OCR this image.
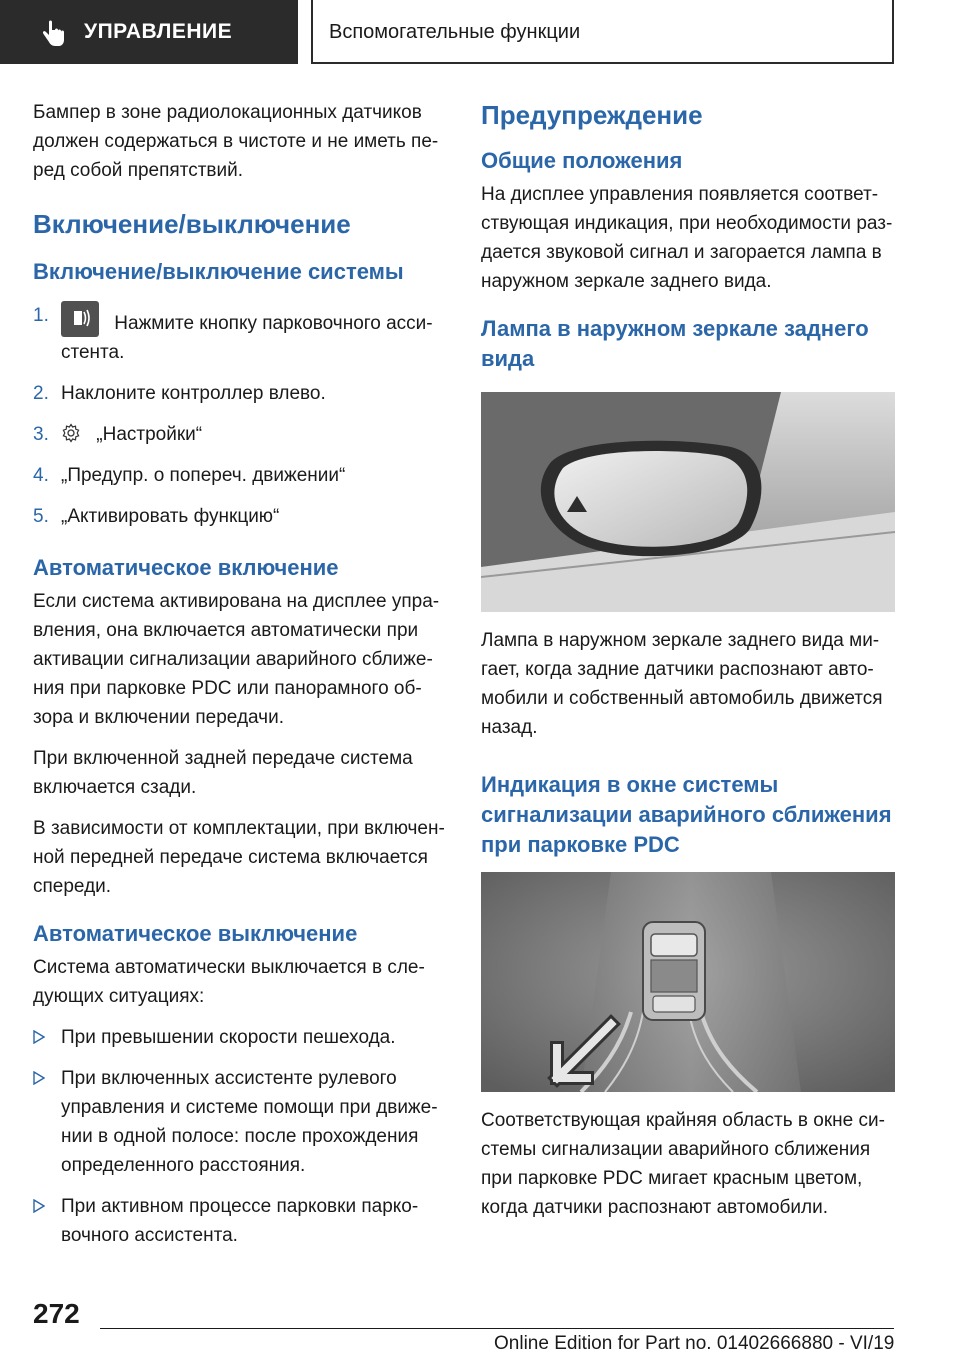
УПРАВЛЕНИЕ	Вспомогательные функции

Бампер в зоне радиолокационных датчиков должен содержаться в чистоте и не иметь пе-ред собой препятствий.

Включение/выключение
Включение/выключение системы
1.	Нажмите кнопку парковочного асси-стента.
2. Наклоните контроллер влево.
3. „Настройки“
4. „Предупр. о попереч. движении“
5. „Активировать функцию“
Автоматическое включение

Если система активирована на дисплее упра-вления, она включается автоматически при активации сигнализации аварийного сближе-ния при парковке PDC или панорамного об-зора и включении передачи.

При включенной задней передаче система включается сзади.

В зависимости от комплектации, при включен-ной передней передаче система включается спереди.

Автоматическое выключение

Система автоматически выключается в сле-дующих ситуациях:

При превышении скорости пешехода.
При включенных ассистенте рулевого управления и системе помощи при движе-нии в одной полосе: после прохождения определенного расстояния.
При активном процессе парковки парко-вочного ассистента.
Предупреждение
Общие положения

На дисплее управления появляется соответ-ствующая индикация, при необходимости раз-дается звуковой сигнал и загорается лампа в наружном зеркале заднего вида.

Лампа в наружном зеркале заднего вида

Лампа в наружном зеркале заднего вида ми-гает, когда задние датчики распознают авто-мобили и собственный автомобиль движется назад.

Индикация в окне системы сигнализации аварийного сближения при парковке PDC

Соответствующая крайняя область в окне си-стемы сигнализации аварийного сближения при парковке PDC мигает красным цветом, когда датчики распознают автомобили.

272
Online Edition for Part no. 01402666880 - VI/19
